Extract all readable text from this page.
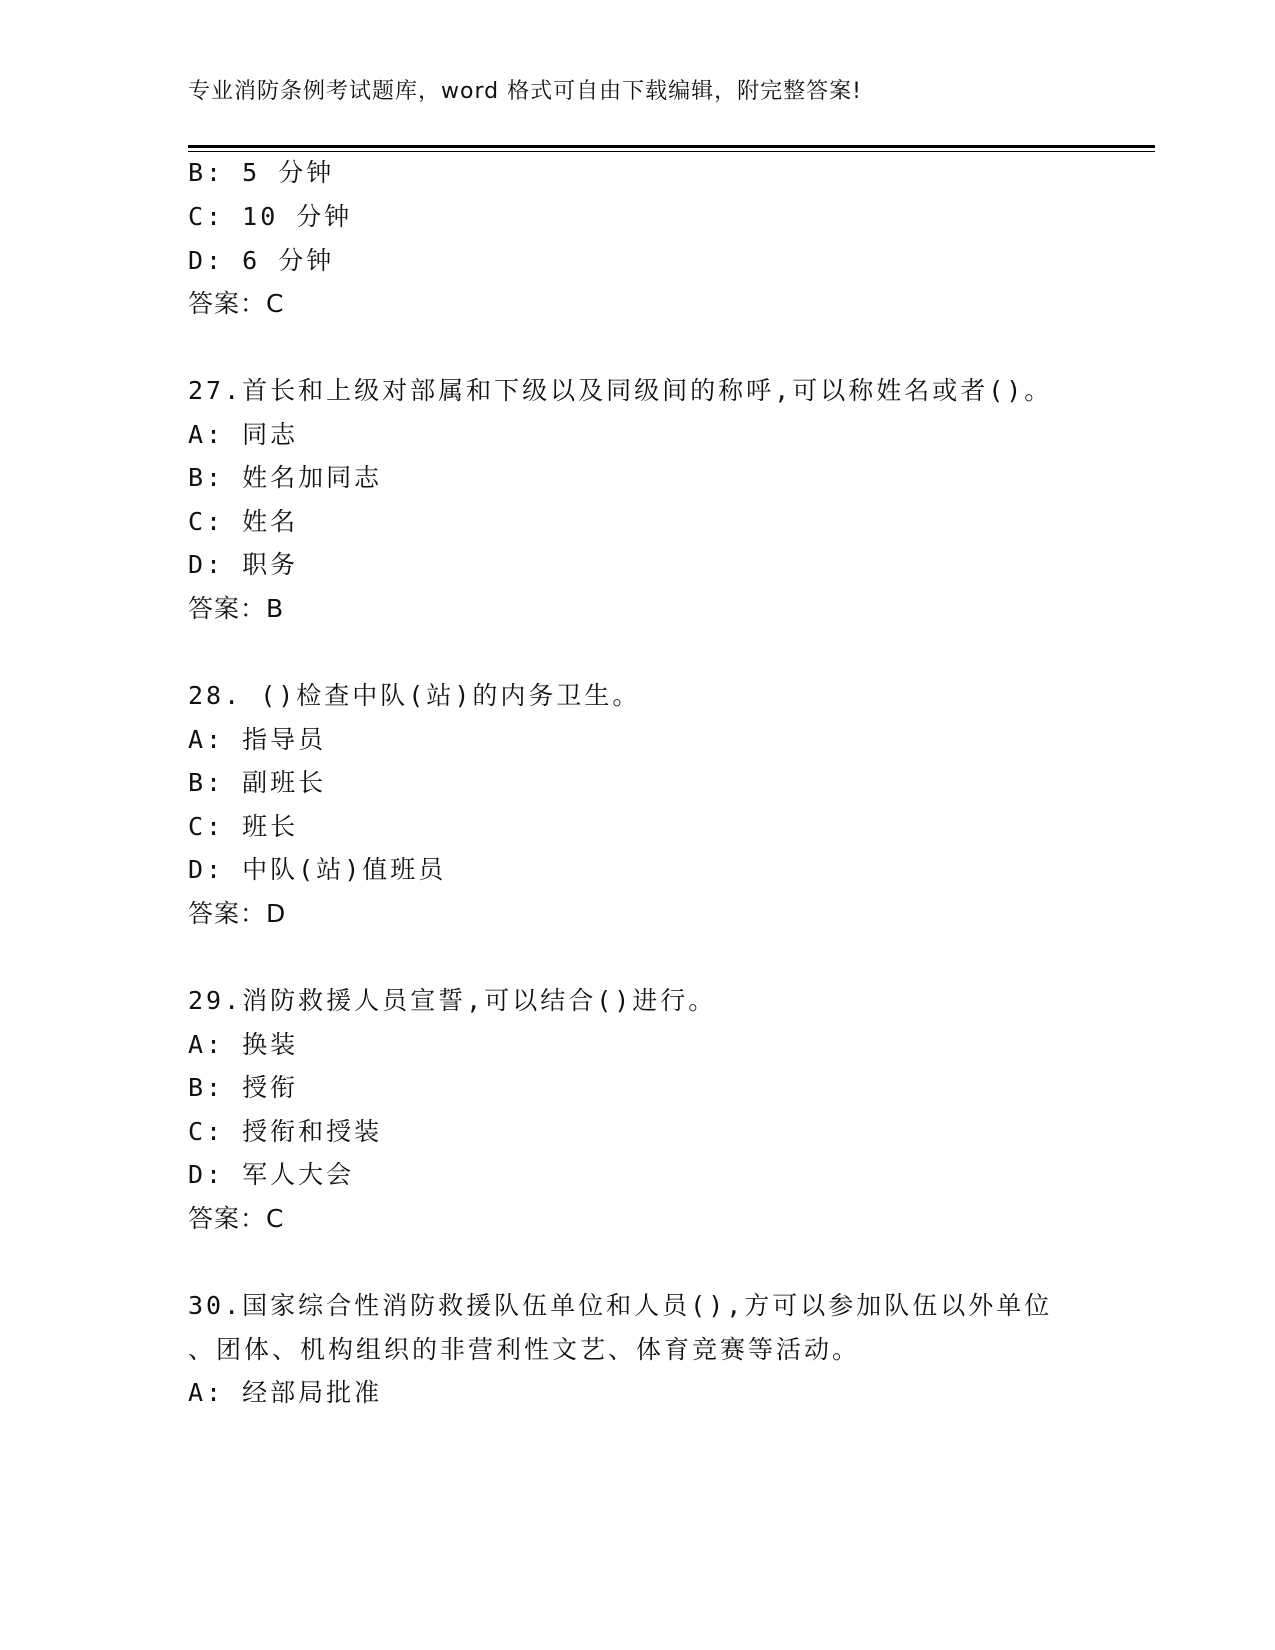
专业消防条例考试题库，word 格式可自由下载编辑，附完整答案!
B: 5 分钟
C: 10 分钟
D: 6 分钟
答案：C
27.首长和上级对部属和下级以及同级间的称呼,可以称姓名或者()。
A: 同志
B: 姓名加同志
C: 姓名
D: 职务
答案：B
28. ()检查中队(站)的内务卫生。
A: 指导员
B: 副班长
C: 班长
D: 中队(站)值班员
答案：D
29.消防救援人员宣誓,可以结合()进行。
A: 换装
B: 授衔
C: 授衔和授装
D: 军人大会
答案：C
30.国家综合性消防救援队伍单位和人员(),方可以参加队伍以外单位
、团体、机构组织的非营利性文艺、体育竞赛等活动。
A: 经部局批准
